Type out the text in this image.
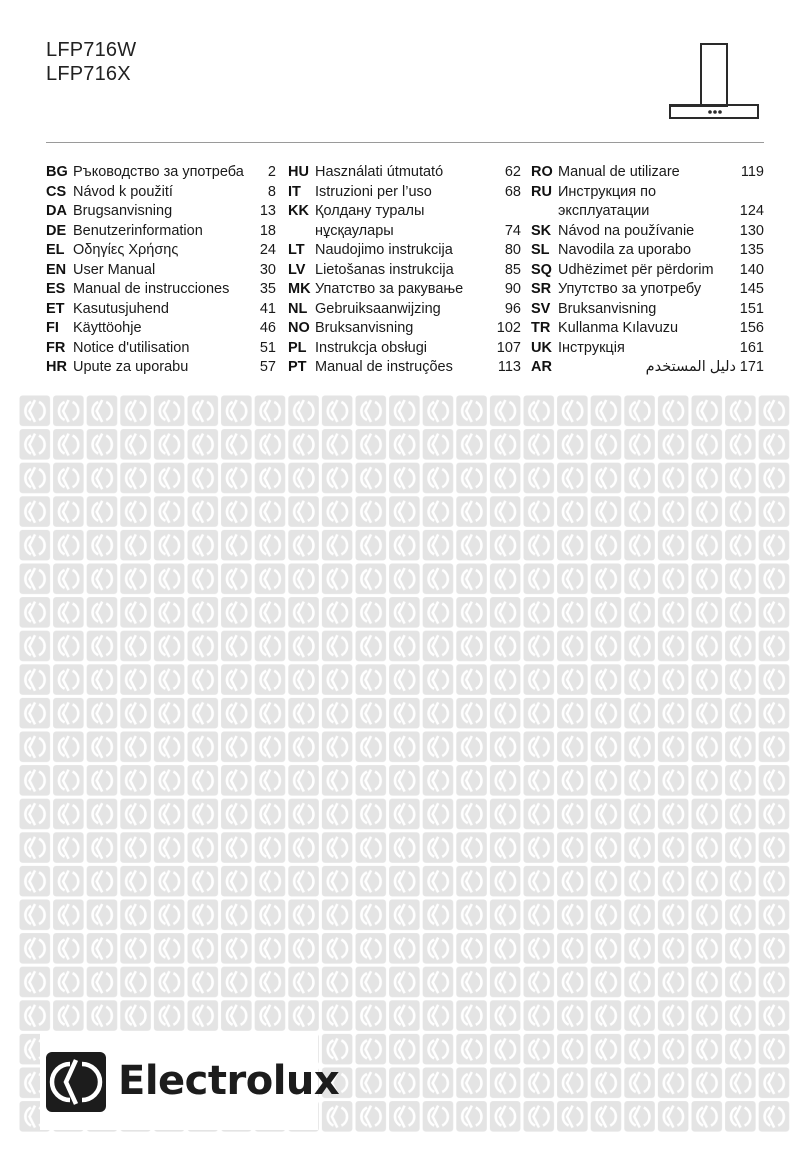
LFP716W
LFP716X
BG Ръководство за употреба 2
CS Návod k použití	8
DA Brugsanvisning	13
DE Benutzerinformation	18
EL Οδηγίες Χρήσης	24
EN User Manual	30
ES Manual de instrucciones 35
ET Kasutusjuhend	41
FI Käyttöohje	46
FR Notice d'utilisation	51
HR Upute za uporabu	57
HU Használati útmutató	62
IT Istruzioni per l’uso	68
KK Қолдану туралы
нұсқаулары	74
LT Naudojimo instrukcija	80
LV Lietošanas instrukcija	85
MK Упатство за ракување	90
NL Gebruiksaanwijzing	96
NO Bruksanvisning	102
PL Instrukcja obsługi	107
PT Manual de instruções	113
RO Manual de utilizare	119
RU Инструкция по
эксплуатации	124
SK Návod na používanie	130
SL Navodila za uporabo	135
SQ Udhëzimet për përdorim 140
SR Упутство за употребу	145
SV Bruksanvisning	151
TR Kullanma Kılavuzu	156
UK Інструкція	161
AR	دليل المستخدم 171
Electrolux
